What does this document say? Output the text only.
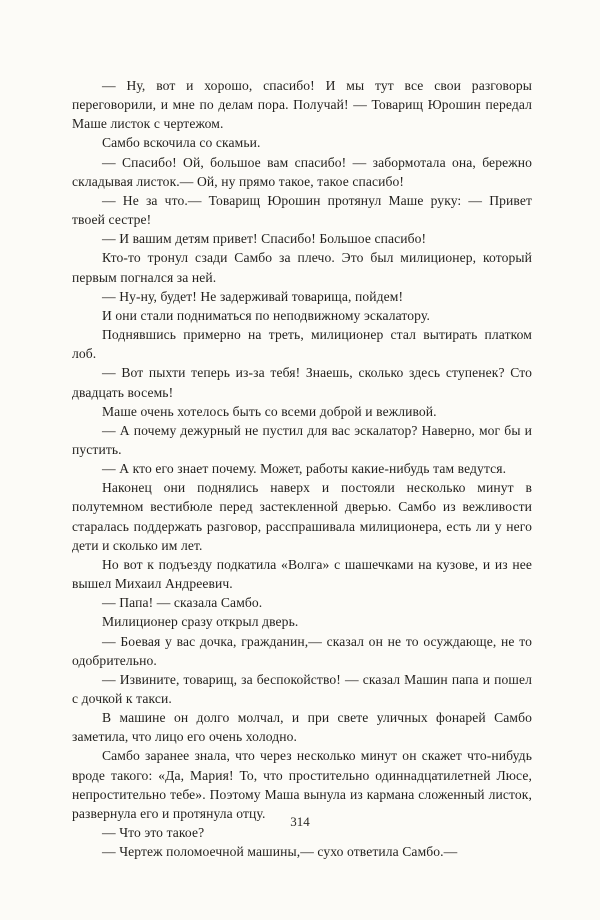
— Ну, вот и хорошо, спасибо! И мы тут все свои разговоры переговорили, и мне по делам пора. Получай! — Товарищ Юрошин передал Маше листок с чертежом.

Самбо вскочила со скамьи.

— Спасибо! Ой, большое вам спасибо! — забормотала она, бережно складывая листок.— Ой, ну прямо такое, такое спасибо!

— Не за что.— Товарищ Юрошин протянул Маше руку: — Привет твоей сестре!

— И вашим детям привет! Спасибо! Большое спасибо!

Кто-то тронул сзади Самбо за плечо. Это был милиционер, который первым погнался за ней.

— Ну-ну, будет! Не задерживай товарища, пойдем!

И они стали подниматься по неподвижному эскалатору.

Поднявшись примерно на треть, милиционер стал вытирать платком лоб.

— Вот пыхти теперь из-за тебя! Знаешь, сколько здесь ступенек? Сто двадцать восемь!

Маше очень хотелось быть со всеми доброй и вежливой.

— А почему дежурный не пустил для вас эскалатор? Наверно, мог бы и пустить.

— А кто его знает почему. Может, работы какие-нибудь там ведутся.

Наконец они поднялись наверх и постояли несколько минут в полутемном вестибюле перед застекленной дверью. Самбо из вежливости старалась поддержать разговор, расспрашивала милиционера, есть ли у него дети и сколько им лет.

Но вот к подъезду подкатила «Волга» с шашечками на кузове, и из нее вышел Михаил Андреевич.

— Папа! — сказала Самбо.

Милиционер сразу открыл дверь.

— Боевая у вас дочка, гражданин,— сказал он не то осуждающе, не то одобрительно.

— Извините, товарищ, за беспокойство! — сказал Машин папа и пошел с дочкой к такси.

В машине он долго молчал, и при свете уличных фонарей Самбо заметила, что лицо его очень холодно.

Самбо заранее знала, что через несколько минут он скажет что-нибудь вроде такого: «Да, Мария! То, что простительно одиннадцатилетней Люсе, непростительно тебе». Поэтому Маша вынула из кармана сложенный листок, развернула его и протянула отцу.

— Что это такое?

— Чертеж поломоечной машины,— сухо ответила Самбо.—

314
